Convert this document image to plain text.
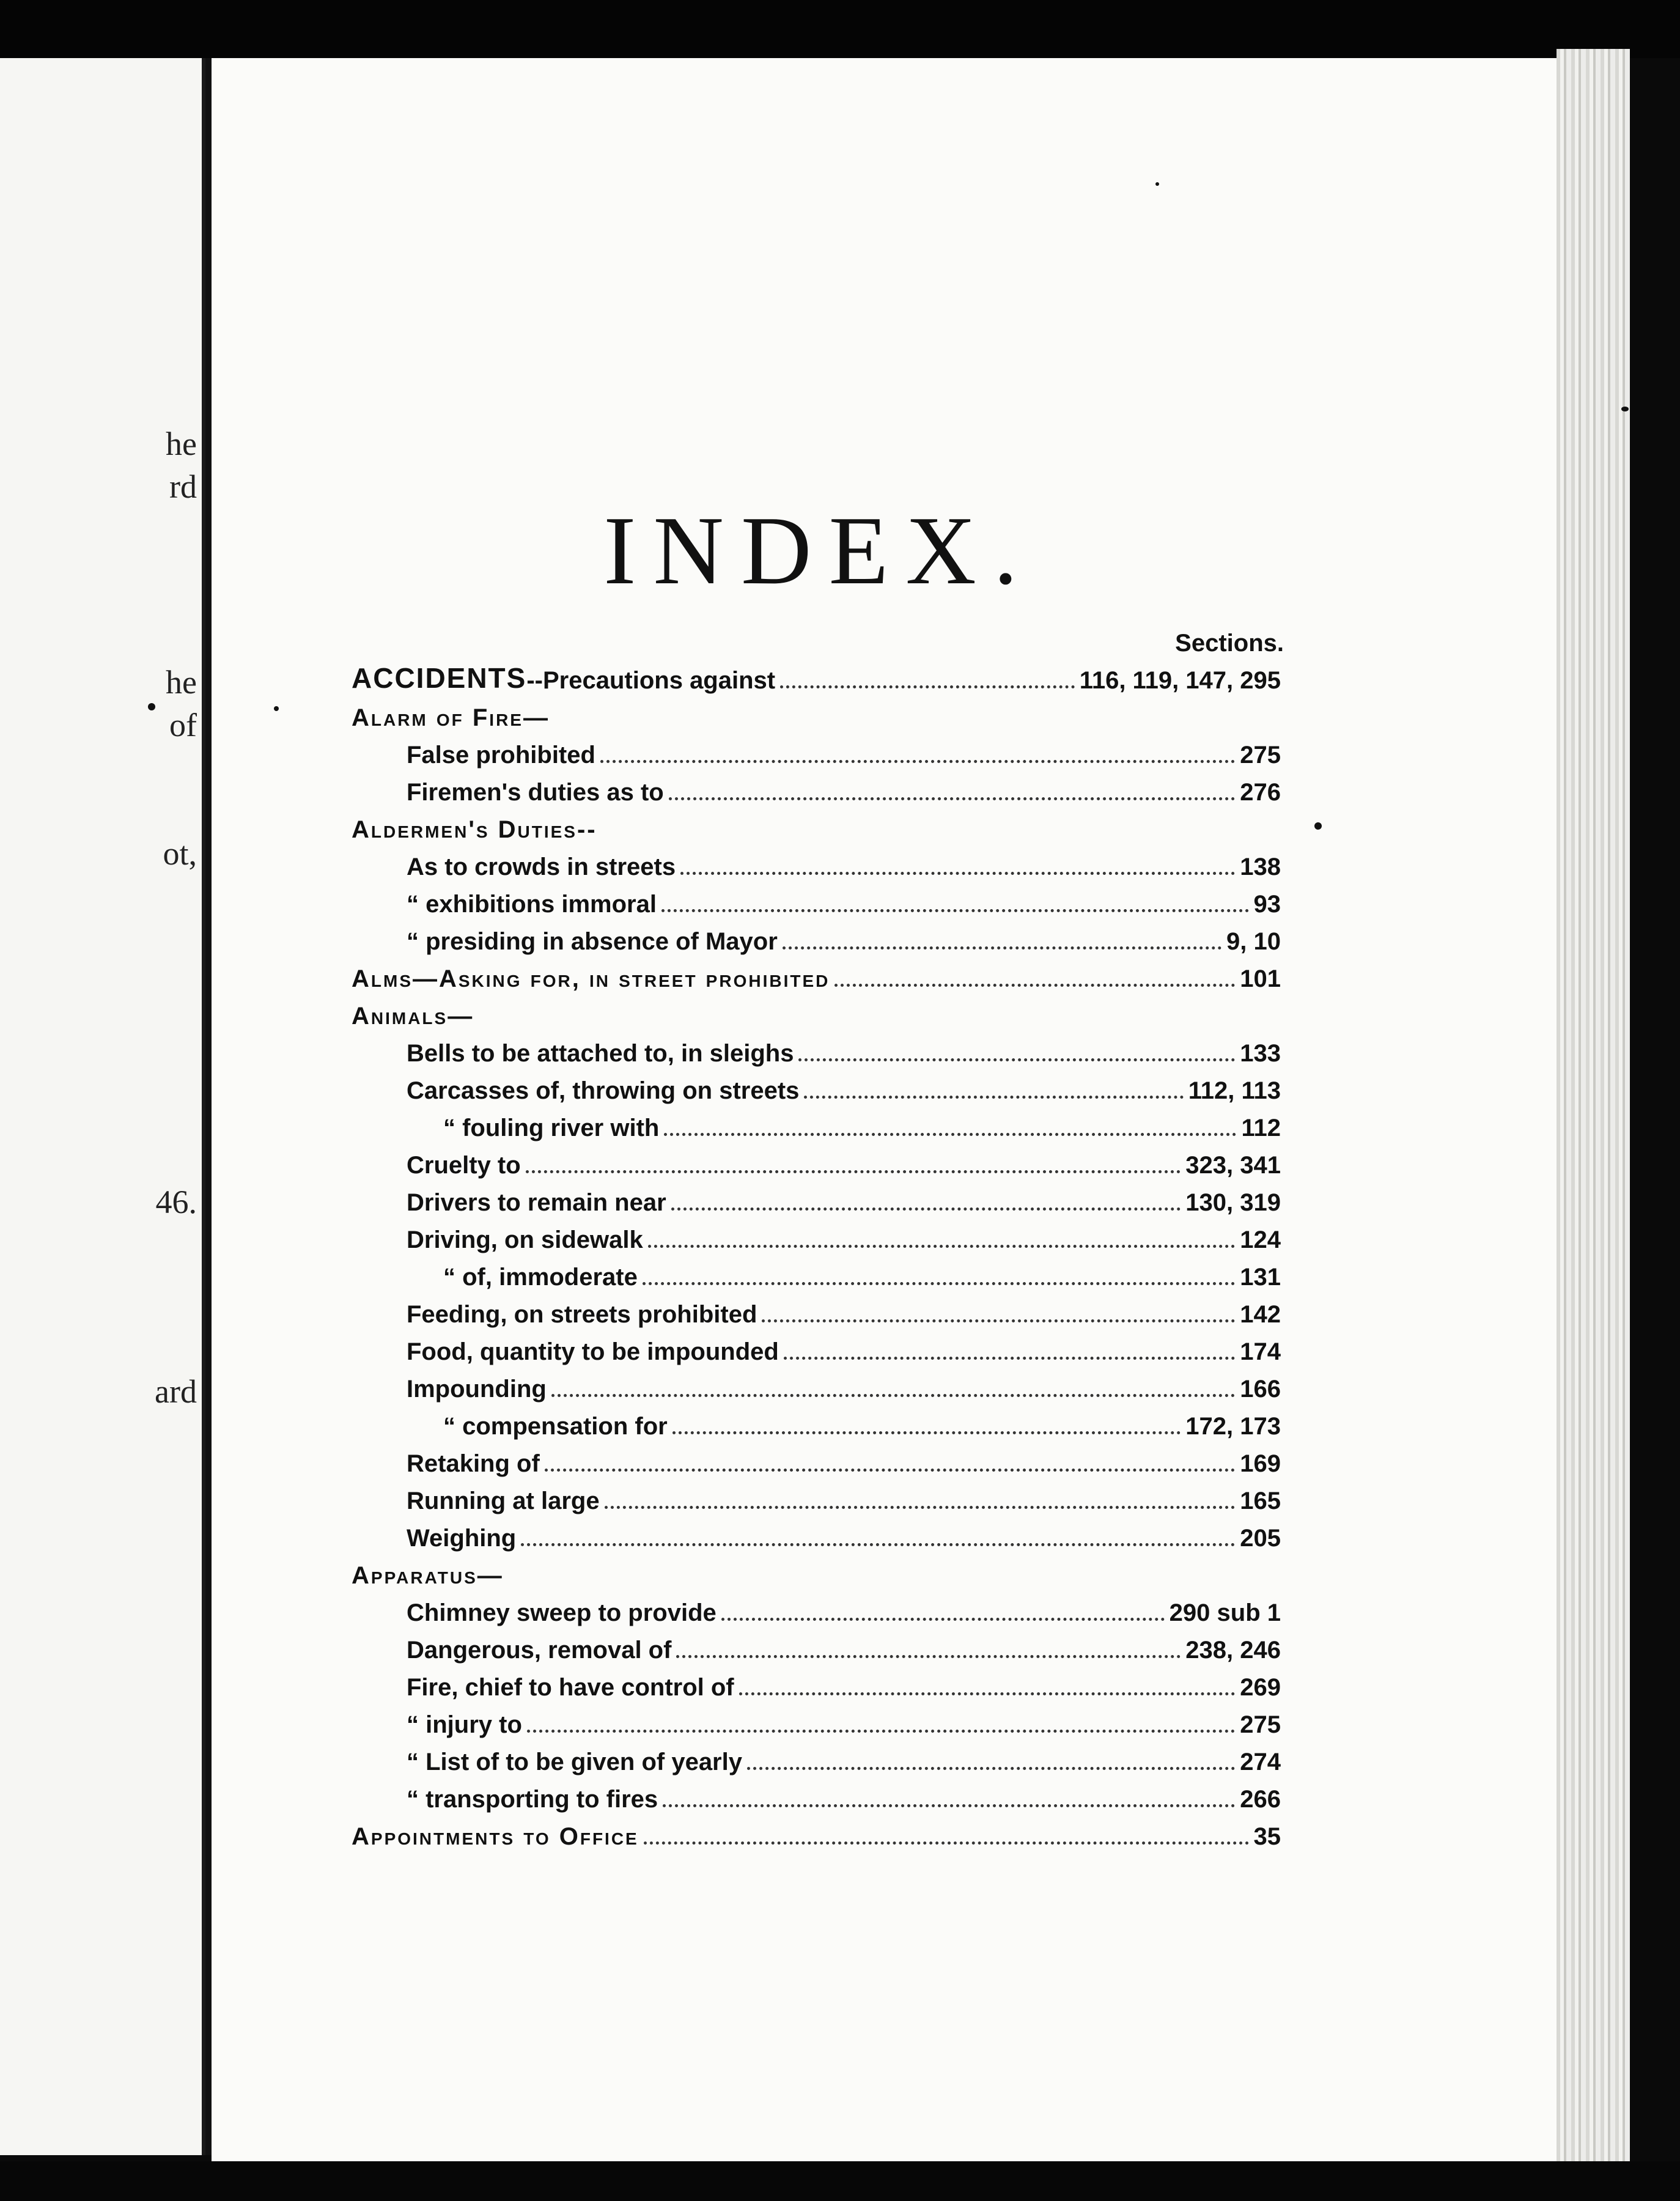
he
rd
he
of
ot,
46.
ard
INDEX.
Sections.
ACCIDENTS --Precautions against	116, 119, 147, 295
Alarm of Fire—
False prohibited	275
Firemen's duties as to	276
Aldermen's Duties--
As to crowds in streets	138
“ exhibitions immoral	93
“ presiding in absence of Mayor	9, 10
Alms—Asking for, in street prohibited	101
Animals—
Bells to be attached to, in sleighs	133
Carcasses of, throwing on streets	112, 113
“ fouling river with	112
Cruelty to	323, 341
Drivers to remain near	130, 319
Driving, on sidewalk	124
“ of, immoderate	131
Feeding, on streets prohibited	142
Food, quantity to be impounded	174
Impounding	166
“ compensation for	172, 173
Retaking of	169
Running at large	165
Weighing	205
Apparatus—
Chimney sweep to provide	290 sub 1
Dangerous, removal of	238, 246
Fire, chief to have control of	269
“ injury to	275
“ List of to be given of yearly	274
“ transporting to fires	266
Appointments to Office	35
